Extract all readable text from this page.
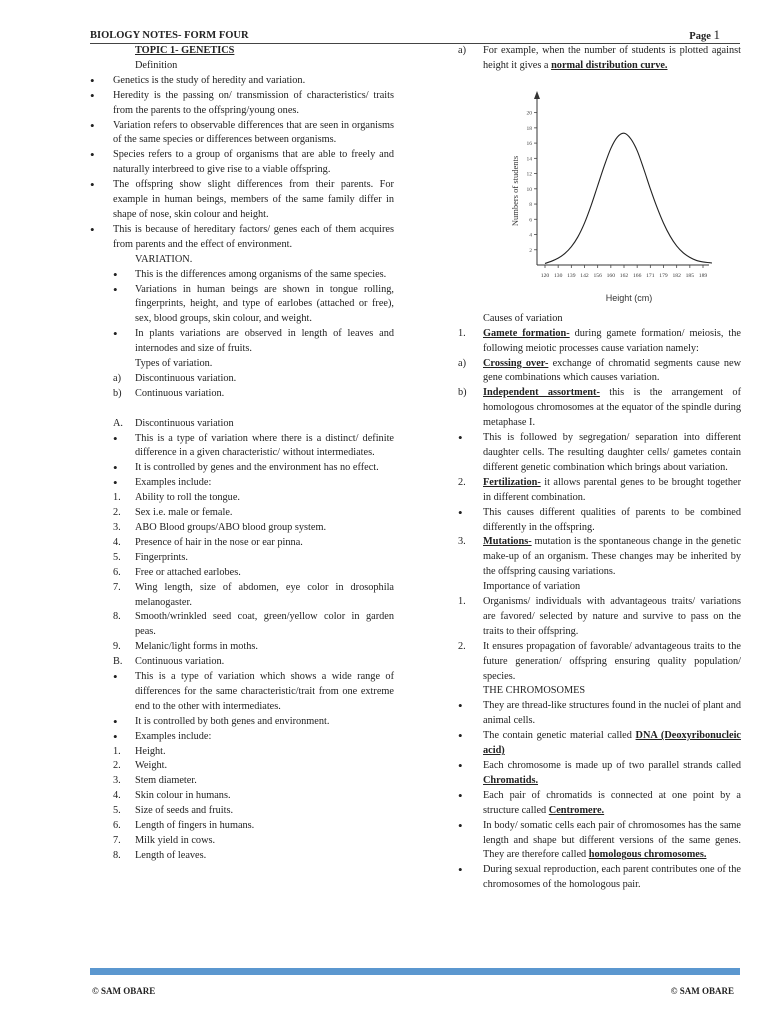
BIOLOGY NOTES- FORM FOUR	Page 1
TOPIC 1- GENETICS
Definition
• Genetics is the study of heredity and variation.
• Heredity is the passing on/ transmission of characteristics/ traits from the parents to the offspring/young ones.
• Variation refers to observable differences that are seen in organisms of the same species or differences between organisms.
• Species refers to a group of organisms that are able to freely and naturally interbreed to give rise to a viable offspring.
• The offspring show slight differences from their parents. For example in human beings, members of the same family differ in shape of nose, skin colour and height.
• This is because of hereditary factors/ genes each of them acquires from parents and the effect of environment.
VARIATION.
• This is the differences among organisms of the same species.
• Variations in human beings are shown in tongue rolling, fingerprints, height, and type of earlobes (attached or free), sex, blood groups, skin colour, and weight.
• In plants variations are observed in length of leaves and internodes and size of fruits.
Types of variation.
a) Discontinuous variation.
b) Continuous variation.
A. Discontinuous variation
• This is a type of variation where there is a distinct/ definite difference in a given characteristic/ without intermediates.
• It is controlled by genes and the environment has no effect.
• Examples include:
1. Ability to roll the tongue.
2. Sex i.e. male or female.
3. ABO Blood groups/ABO blood group system.
4. Presence of hair in the nose or ear pinna.
5. Fingerprints.
6. Free or attached earlobes.
7. Wing length, size of abdomen, eye color in drosophila melanogaster.
8. Smooth/wrinkled seed coat, green/yellow color in garden peas.
9. Melanic/light forms in moths.
B. Continuous variation.
• This is a type of variation which shows a wide range of differences for the same characteristic/trait from one extreme end to the other with intermediates.
• It is controlled by both genes and environment.
• Examples include:
1. Height.
2. Weight.
3. Stem diameter.
4. Skin colour in humans.
5. Size of seeds and fruits.
6. Length of fingers in humans.
7. Milk yield in cows.
8. Length of leaves.
a) For example, when the number of students is plotted against height it gives a normal distribution curve.
2
4
6
8
10
12
14
16
18
20
120 130 139 142 156 160 162 166 171 179 182 185 189
Numbers of students
Height (cm)
Causes of variation
1. Gamete formation- during gamete formation/ meiosis, the following meiotic processes cause variation namely:
a) Crossing over- exchange of chromatid segments cause new gene combinations which causes variation.
b) Independent assortment- this is the arrangement of homologous chromosomes at the equator of the spindle during metaphase I.
• This is followed by segregation/ separation into different daughter cells. The resulting daughter cells/ gametes contain different genetic combination which brings about variation.
2. Fertilization- it allows parental genes to be brought together in different combination.
• This causes different qualities of parents to be combined differently in the offspring.
3. Mutations- mutation is the spontaneous change in the genetic make-up of an organism. These changes may be inherited by the offspring causing variations.
Importance of variation
1. Organisms/ individuals with advantageous traits/ variations are favored/ selected by nature and survive to pass on the traits to their offspring.
2. It ensures propagation of favorable/ advantageous traits to the future generation/ offspring ensuring quality population/ species.
THE CHROMOSOMES
• They are thread-like structures found in the nuclei of plant and animal cells.
• The contain genetic material called DNA (Deoxyribonucleic acid)
• Each chromosome is made up of two parallel strands called Chromatids.
• Each pair of chromatids is connected at one point by a structure called Centromere.
• In body/ somatic cells each pair of chromosomes has the same length and shape but different versions of the same genes. They are therefore called homologous chromosomes.
• During sexual reproduction, each parent contributes one of the chromosomes of the homologous pair.
© SAM OBARE	© SAM OBARE
